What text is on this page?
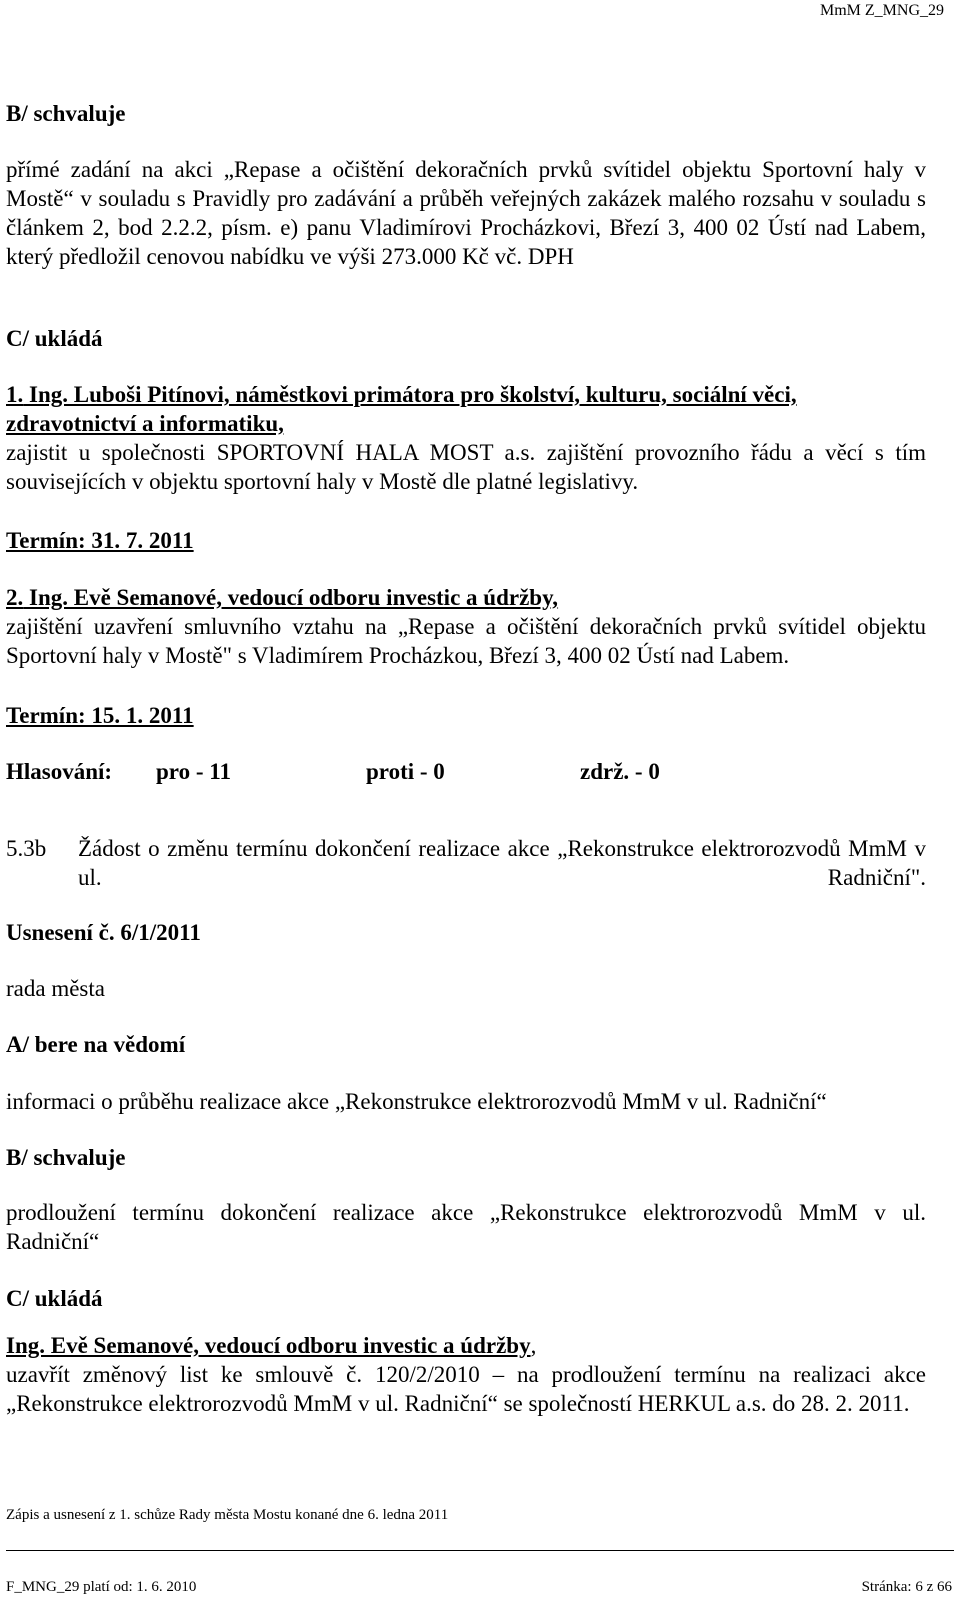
MmM Z_MNG_29
B/ schvaluje
přímé zadání na akci „Repase a očištění dekoračních prvků svítidel objektu Sportovní haly v Mostě“ v souladu s Pravidly pro zadávání a průběh veřejných zakázek malého rozsahu v souladu s článkem 2, bod 2.2.2, písm. e) panu Vladimírovi Procházkovi, Březí 3, 400 02 Ústí nad Labem, který předložil cenovou nabídku ve výši 273.000 Kč vč. DPH
C/ ukládá
1. Ing. Luboši Pitínovi, náměstkovi primátora pro školství, kulturu, sociální věci, zdravotnictví a informatiku,
zajistit u společnosti SPORTOVNÍ HALA MOST a.s. zajištění provozního řádu a věcí s tím souvisejících v objektu sportovní haly v Mostě dle platné legislativy.
Termín: 31. 7. 2011
2. Ing. Evě Semanové, vedoucí odboru investic a údržby,
zajištění uzavření smluvního vztahu na „Repase a očištění dekoračních prvků svítidel objektu Sportovní haly v Mostě" s Vladimírem Procházkou, Březí 3, 400 02 Ústí nad Labem.
Termín: 15. 1. 2011
Hlasování: pro - 11	proti - 0	zdrž. - 0
5.3b Žádost o změnu termínu dokončení realizace akce „Rekonstrukce elektrorozvodů MmM v ul. Radniční".
Usnesení č. 6/1/2011
rada města
A/ bere na vědomí
informaci o průběhu realizace akce „Rekonstrukce elektrorozvodů MmM v ul. Radniční“
B/ schvaluje
prodloužení termínu dokončení realizace akce „Rekonstrukce elektrorozvodů MmM v ul. Radniční“
C/ ukládá
Ing. Evě Semanové, vedoucí odboru investic a údržby,
uzavřít změnový list ke smlouvě č. 120/2/2010 – na prodloužení termínu na realizaci akce „Rekonstrukce elektrorozvodů MmM v ul. Radniční“ se společností HERKUL a.s. do 28. 2. 2011.
Zápis a usnesení z 1. schůze Rady města Mostu konané dne 6. ledna 2011
F_MNG_29 platí od: 1. 6. 2010	Stránka: 6 z 66
